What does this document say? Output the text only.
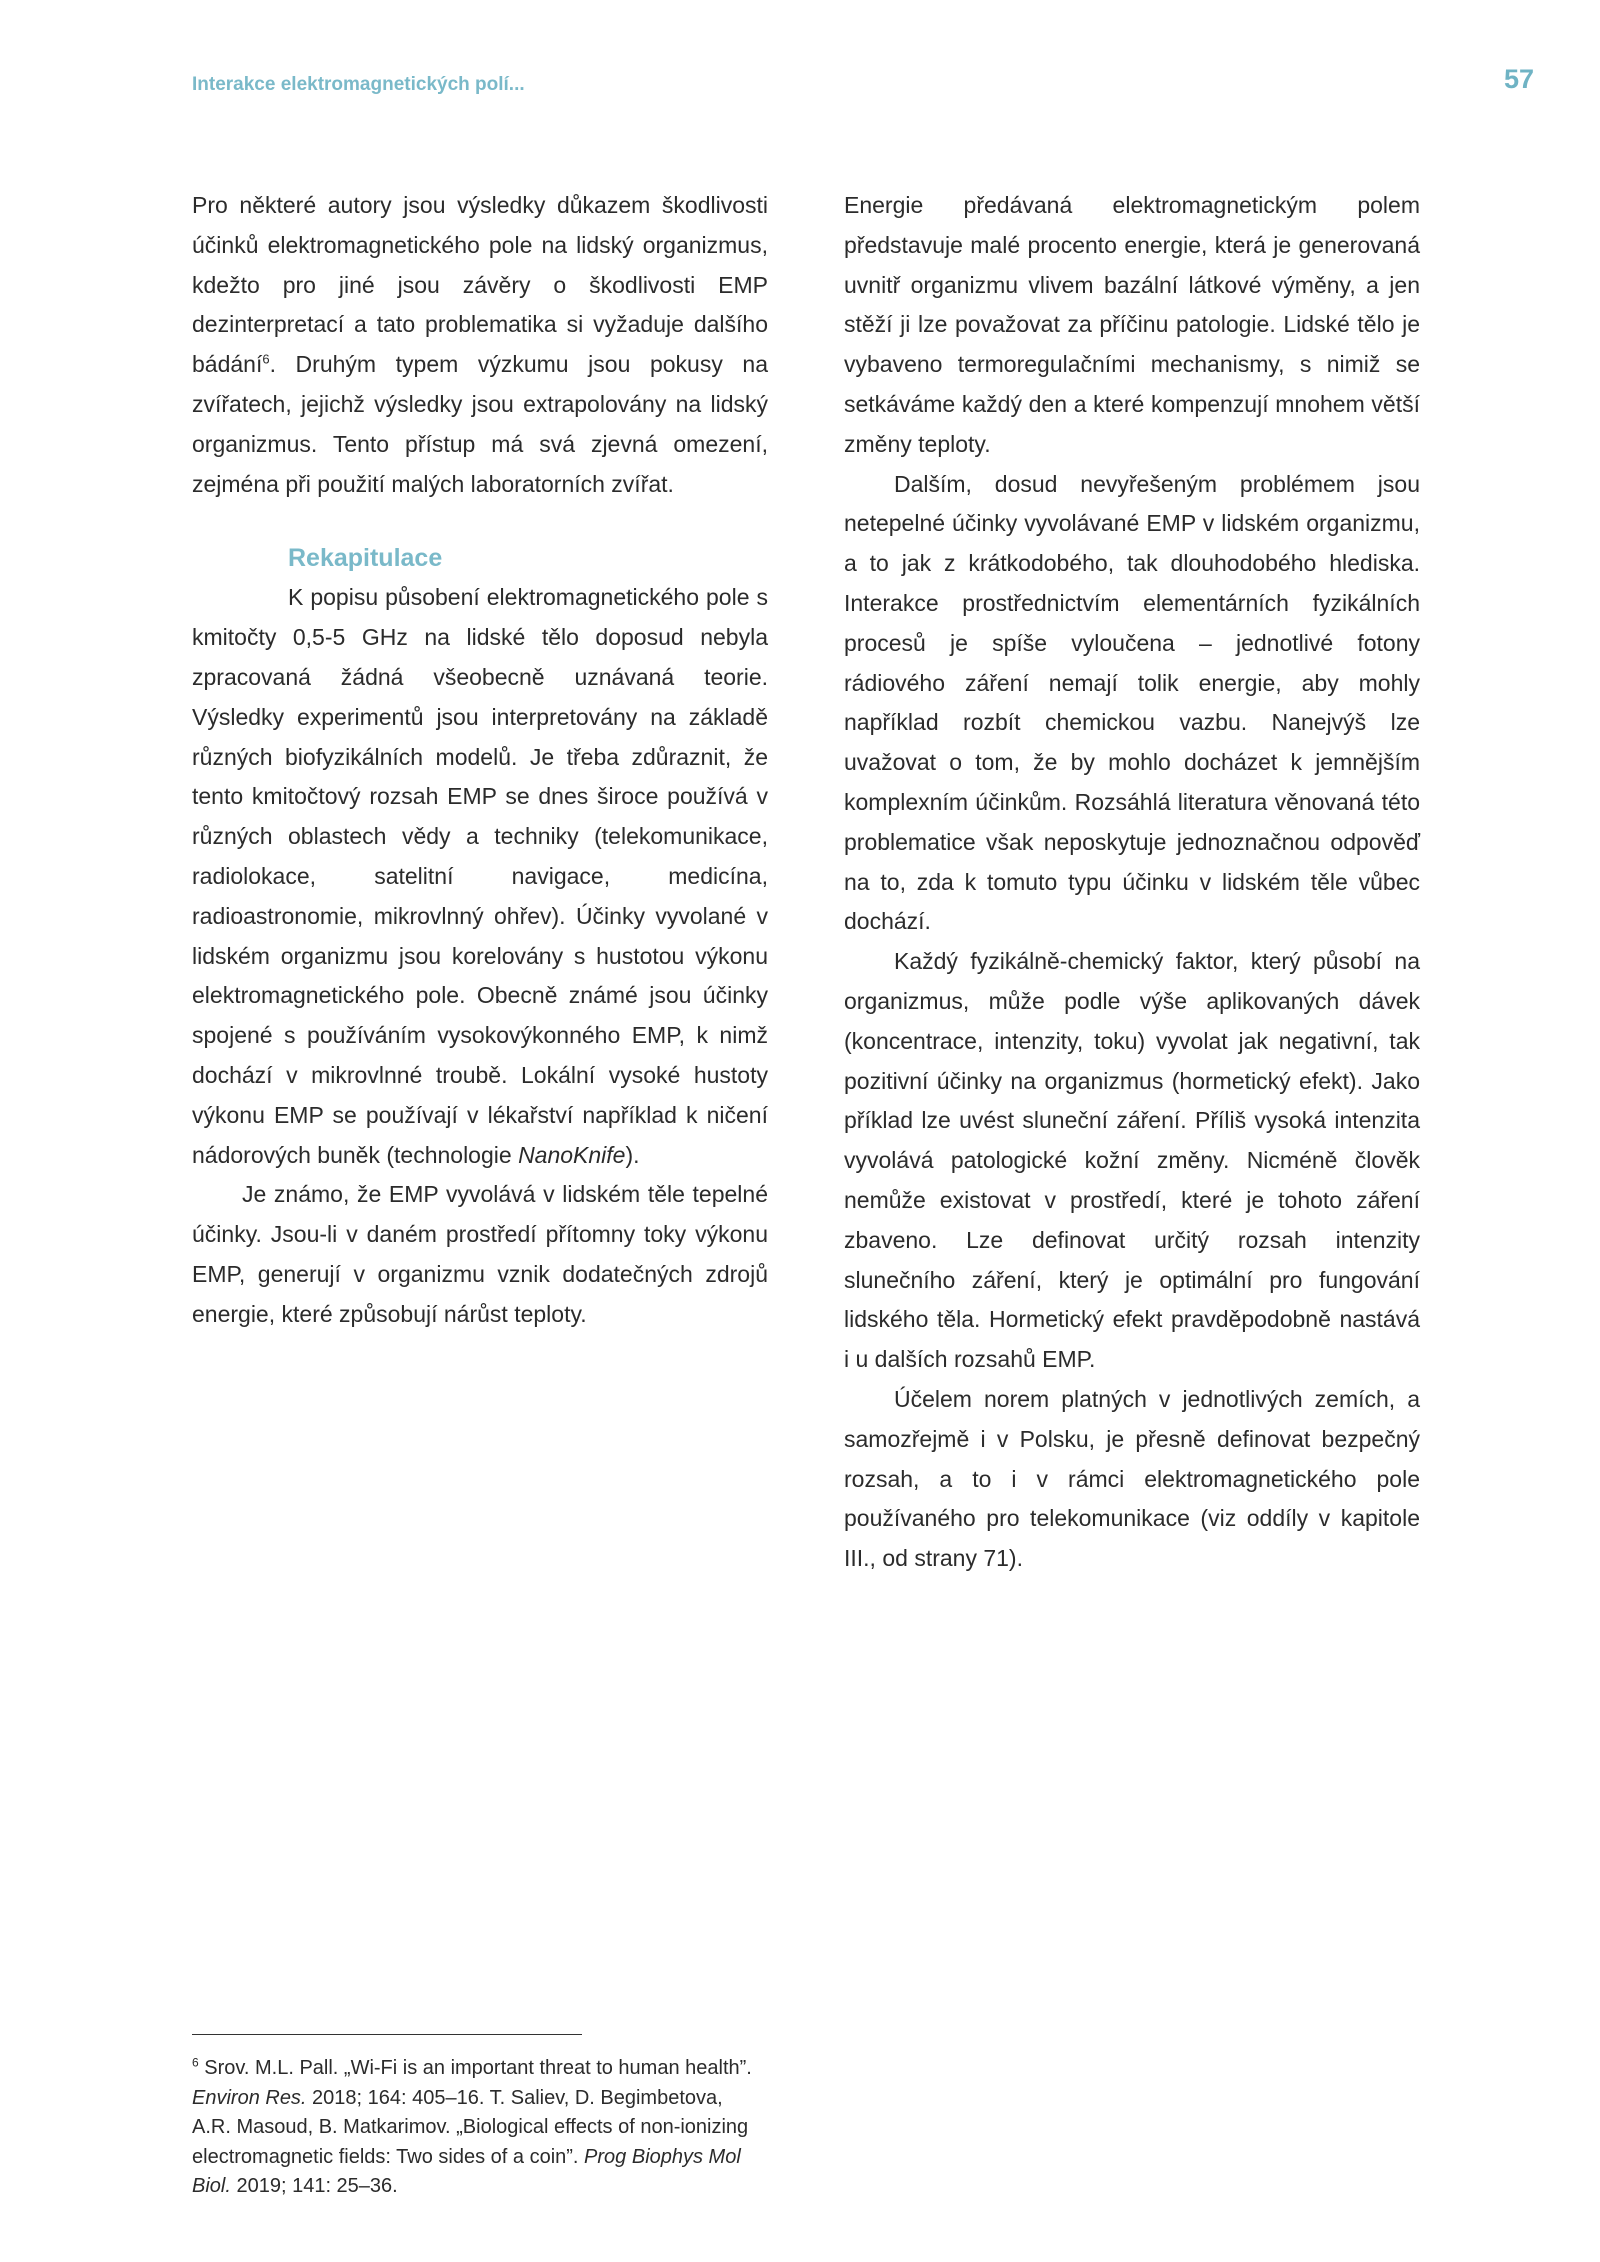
Interakce elektromagnetických polí...	57

Pro některé autory jsou výsledky důkazem škodlivosti účinků elektromagnetického pole na lidský organizmus, kdežto pro jiné jsou závěry o škodlivosti EMP dezinterpretací a tato problematika si vyžaduje dalšího bádání$^6$. Druhým typem výzkumu jsou pokusy na zvířatech, jejichž výsledky jsou extrapolovány na lidský organizmus. Tento přístup má svá zjevná omezení, zejména při použití malých laboratorních zvířat.

Rekapitulace

K popisu působení elektromagnetického pole s kmitočty 0,5-5 GHz na lidské tělo doposud nebyla zpracovaná žádná všeobecně uznávaná teorie. Výsledky experimentů jsou interpretovány na základě různých biofyzikálních modelů. Je třeba zdůraznit, že tento kmitočtový rozsah EMP se dnes široce používá v různých oblastech vědy a techniky (telekomunikace, radiolokace, satelitní navigace, medicína, radioastronomie, mikrovlnný ohřev). Účinky vyvolané v lidském organizmu jsou korelovány s hustotou výkonu elektromagnetického pole. Obecně známé jsou účinky spojené s používáním vysokovýkonného EMP, k nimž dochází v mikrovlnné troubě. Lokální vysoké hustoty výkonu EMP se používají v lékařství například k ničení nádorových buněk (technologie NanoKnife).

Je známo, že EMP vyvolává v lidském těle tepelné účinky. Jsou-li v daném prostředí přítomny toky výkonu EMP, generují v organizmu vznik dodatečných zdrojů energie, které způsobují nárůst teploty.

Energie předávaná elektromagnetickým polem představuje malé procento energie, která je generovaná uvnitř organizmu vlivem bazální látkové výměny, a jen stěží ji lze považovat za příčinu patologie. Lidské tělo je vybaveno termoregulačními mechanismy, s nimiž se setkáváme každý den a které kompenzují mnohem větší změny teploty.

Dalším, dosud nevyřešeným problémem jsou netepelné účinky vyvolávané EMP v lidském organizmu, a to jak z krátkodobého, tak dlouhodobého hlediska. Interakce prostřednictvím elementárních fyzikálních procesů je spíše vyloučena – jednotlivé fotony rádiového záření nemají tolik energie, aby mohly například rozbít chemickou vazbu. Nanejvýš lze uvažovat o tom, že by mohlo docházet k jemnějším komplexním účinkům. Rozsáhlá literatura věnovaná této problematice však neposkytuje jednoznačnou odpověď na to, zda k tomuto typu účinku v lidském těle vůbec dochází.

Každý fyzikálně-chemický faktor, který působí na organizmus, může podle výše aplikovaných dávek (koncentrace, intenzity, toku) vyvolat jak negativní, tak pozitivní účinky na organizmus (hormetický efekt). Jako příklad lze uvést sluneční záření. Příliš vysoká intenzita vyvolává patologické kožní změny. Nicméně člověk nemůže existovat v prostředí, které je tohoto záření zbaveno. Lze definovat určitý rozsah intenzity slunečního záření, který je optimální pro fungování lidského těla. Hormetický efekt pravděpodobně nastává i u dalších rozsahů EMP.

Účelem norem platných v jednotlivých zemích, a samozřejmě i v Polsku, je přesně definovat bezpečný rozsah, a to i v rámci elektromagnetického pole používaného pro telekomunikace (viz oddíly v kapitole III., od strany 71).

$^6$ Srov. M.L. Pall. „Wi-Fi is an important threat to human health”. Environ Res. 2018; 164: 405–16. T. Saliev, D. Begimbetova, A.R. Masoud, B. Matkarimov. „Biological effects of non-ionizing electromagnetic fields: Two sides of a coin”. Prog Biophys Mol Biol. 2019; 141: 25–36.
